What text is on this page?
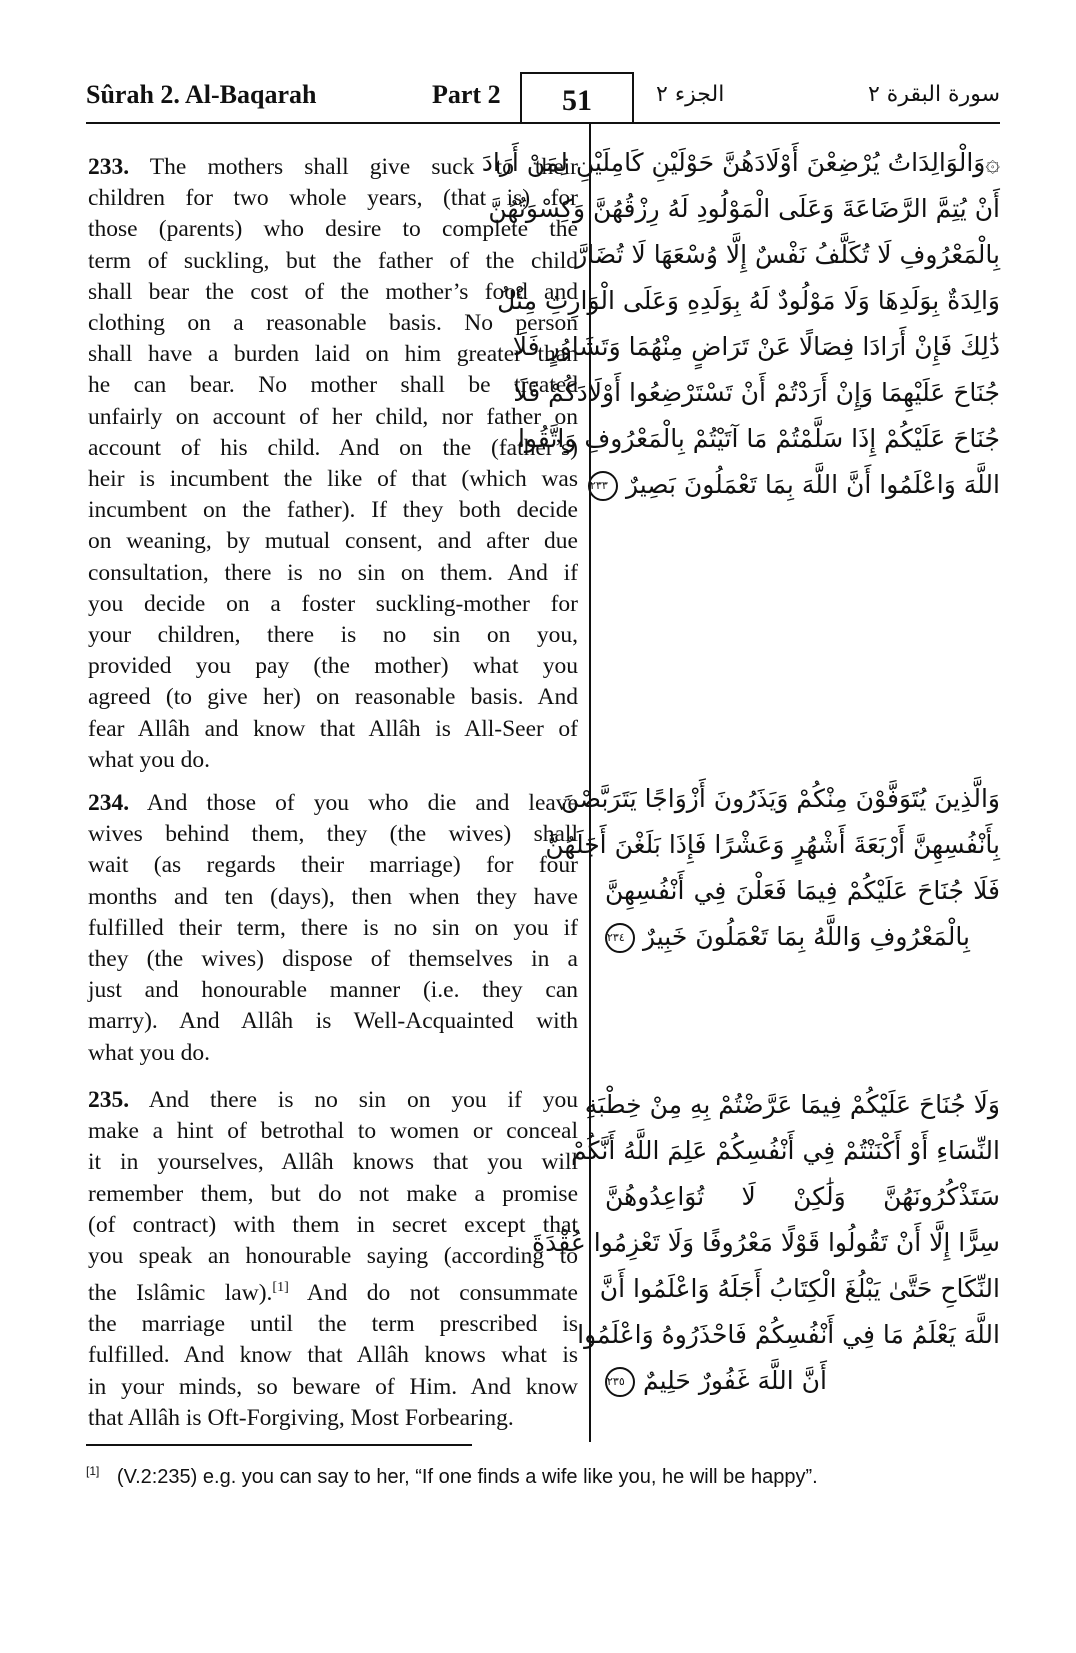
Sûrah 2. Al-Baqarah	Part 2	51	الجزء ٢	سورة البقرة ٢
233. The mothers shall give suck to their
children for two whole years, (that is) for
those (parents) who desire to complete the
term of suckling, but the father of the child
shall bear the cost of the mother’s food and
clothing on a reasonable basis. No person
shall have a burden laid on him greater than
he can bear. No mother shall be treated
unfairly on account of her child, nor father on
account of his child. And on the (father’s)
heir is incumbent the like of that (which was
incumbent on the father). If they both decide
on weaning, by mutual consent, and after due
consultation, there is no sin on them. And if
you decide on a foster suckling-mother for
your children, there is no sin on you,
provided you pay (the mother) what you
agreed (to give her) on reasonable basis. And
fear Allâh and know that Allâh is All-Seer of
what you do.
۞وَالْوَالِدَاتُ يُرْضِعْنَ أَوْلَادَهُنَّ حَوْلَيْنِ كَامِلَيْنِ لِمَنْ أَرَادَ
أَنْ يُتِمَّ الرَّضَاعَةَ وَعَلَى الْمَوْلُودِ لَهُ رِزْقُهُنَّ وَكِسْوَتُهُنَّ
بِالْمَعْرُوفِ لَا تُكَلَّفُ نَفْسٌ إِلَّا وُسْعَهَا لَا تُضَارَّ
وَالِدَةٌ بِوَلَدِهَا وَلَا مَوْلُودٌ لَهُ بِوَلَدِهِ وَعَلَى الْوَارِثِ مِثْلُ
ذَٰلِكَ فَإِنْ أَرَادَا فِصَالًا عَنْ تَرَاضٍ مِنْهُمَا وَتَشَاوُرٍ فَلَا
جُنَاحَ عَلَيْهِمَا وَإِنْ أَرَدْتُمْ أَنْ تَسْتَرْضِعُوا أَوْلَادَكُمْ فَلَا
جُنَاحَ عَلَيْكُمْ إِذَا سَلَّمْتُمْ مَا آتَيْتُمْ بِالْمَعْرُوفِ وَاتَّقُوا
اللَّهَ وَاعْلَمُوا أَنَّ اللَّهَ بِمَا تَعْمَلُونَ بَصِيرٌ ٢٣٣
234. And those of you who die and leave
wives behind them, they (the wives) shall
wait (as regards their marriage) for four
months and ten (days), then when they have
fulfilled their term, there is no sin on you if
they (the wives) dispose of themselves in a
just and honourable manner (i.e. they can
marry). And Allâh is Well-Acquainted with
what you do.
وَالَّذِينَ يُتَوَفَّوْنَ مِنْكُمْ وَيَذَرُونَ أَزْوَاجًا يَتَرَبَّصْنَ
بِأَنْفُسِهِنَّ أَرْبَعَةَ أَشْهُرٍ وَعَشْرًا فَإِذَا بَلَغْنَ أَجَلَهُنَّ
فَلَا جُنَاحَ عَلَيْكُمْ فِيمَا فَعَلْنَ فِي أَنْفُسِهِنَّ
بِالْمَعْرُوفِ وَاللَّهُ بِمَا تَعْمَلُونَ خَبِيرٌ ٢٣٤
235. And there is no sin on you if you
make a hint of betrothal to women or conceal
it in yourselves, Allâh knows that you will
remember them, but do not make a promise
(of contract) with them in secret except that
you speak an honourable saying (according to
the Islâmic law).[1] And do not consummate
the marriage until the term prescribed is
fulfilled. And know that Allâh knows what is
in your minds, so beware of Him. And know
that Allâh is Oft-Forgiving, Most Forbearing.
وَلَا جُنَاحَ عَلَيْكُمْ فِيمَا عَرَّضْتُمْ بِهِ مِنْ خِطْبَةِ
النِّسَاءِ أَوْ أَكْنَنْتُمْ فِي أَنْفُسِكُمْ عَلِمَ اللَّهُ أَنَّكُمْ
سَتَذْكُرُونَهُنَّ وَلَٰكِنْ لَا تُوَاعِدُوهُنَّ
سِرًّا إِلَّا أَنْ تَقُولُوا قَوْلًا مَعْرُوفًا وَلَا تَعْزِمُوا عُقْدَةَ
النِّكَاحِ حَتَّىٰ يَبْلُغَ الْكِتَابُ أَجَلَهُ وَاعْلَمُوا أَنَّ
اللَّهَ يَعْلَمُ مَا فِي أَنْفُسِكُمْ فَاحْذَرُوهُ وَاعْلَمُوا
أَنَّ اللَّهَ غَفُورٌ حَلِيمٌ ٢٣٥
[1] (V.2:235) e.g. you can say to her, “If one finds a wife like you, he will be happy”.
